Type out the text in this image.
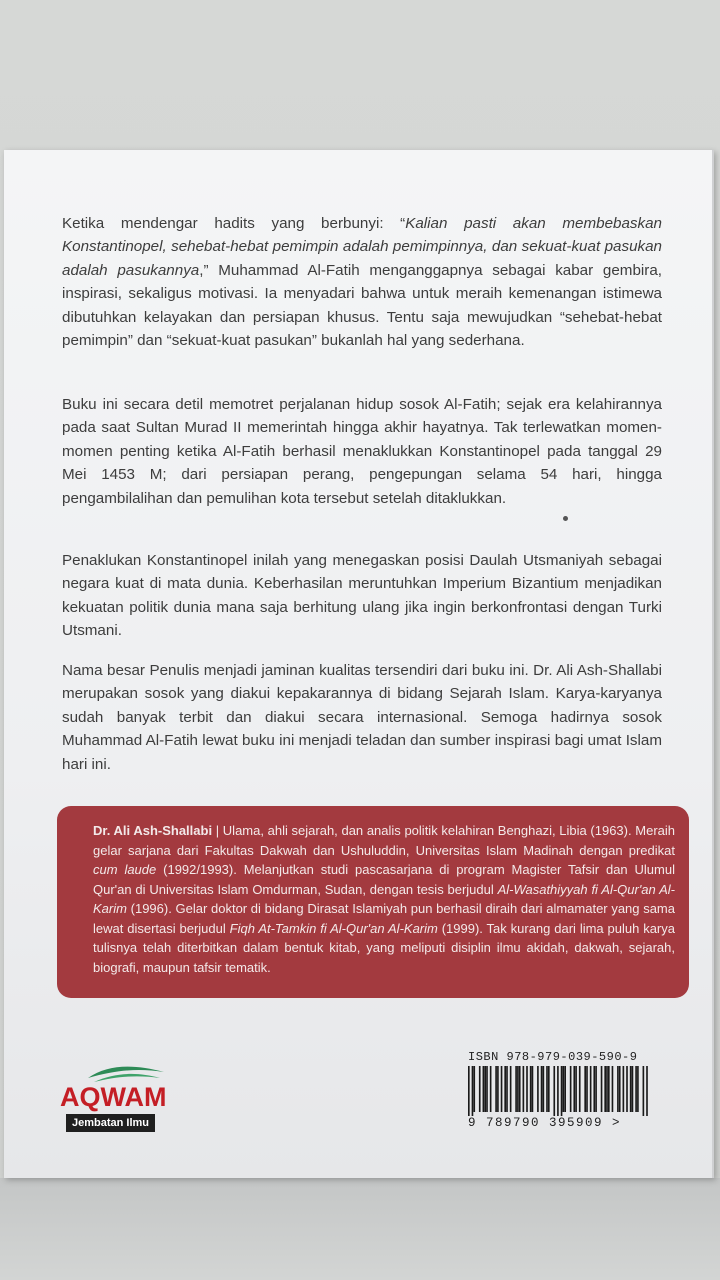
Ketika mendengar hadits yang berbunyi: “Kalian pasti akan membebaskan Konstantinopel, sehebat-hebat pemimpin adalah pemimpinnya, dan sekuat-kuat pasukan adalah pasukannya,” Muhammad Al-Fatih menganggapnya sebagai kabar gembira, inspirasi, sekaligus motivasi. Ia menyadari bahwa untuk meraih kemenangan istimewa dibutuhkan kelayakan dan persiapan khusus. Tentu saja mewujudkan “sehebat-hebat pemimpin” dan “sekuat-kuat pasukan” bukanlah hal yang sederhana.
Buku ini secara detil memotret perjalanan hidup sosok Al-Fatih; sejak era kelahirannya pada saat Sultan Murad II memerintah hingga akhir hayatnya. Tak terlewatkan momen-momen penting ketika Al-Fatih berhasil menaklukkan Konstantinopel pada tanggal 29 Mei 1453 M; dari persiapan perang, pengepungan selama 54 hari, hingga pengambilalihan dan pemulihan kota tersebut setelah ditaklukkan.
Penaklukan Konstantinopel inilah yang menegaskan posisi Daulah Utsmaniyah sebagai negara kuat di mata dunia. Keberhasilan meruntuhkan Imperium Bizantium menjadikan kekuatan politik dunia mana saja berhitung ulang jika ingin berkonfrontasi dengan Turki Utsmani.
Nama besar Penulis menjadi jaminan kualitas tersendiri dari buku ini. Dr. Ali Ash-Shallabi merupakan sosok yang diakui kepakarannya di bidang Sejarah Islam. Karya-karyanya sudah banyak terbit dan diakui secara internasional. Semoga hadirnya sosok Muhammad Al-Fatih lewat buku ini menjadi teladan dan sumber inspirasi bagi umat Islam hari ini.
Dr. Ali Ash-Shallabi | Ulama, ahli sejarah, dan analis politik kelahiran Benghazi, Libia (1963). Meraih gelar sarjana dari Fakultas Dakwah dan Ushuluddin, Universitas Islam Madinah dengan predikat cum laude (1992/1993). Melanjutkan studi pascasarjana di program Magister Tafsir dan Ulumul Qur'an di Universitas Islam Omdurman, Sudan, dengan tesis berjudul Al-Wasathiyyah fi Al-Qur'an Al-Karim (1996). Gelar doktor di bidang Dirasat Islamiyah pun berhasil diraih dari almamater yang sama lewat disertasi berjudul Fiqh At-Tamkin fi Al-Qur'an Al-Karim (1999). Tak kurang dari lima puluh karya tulisnya telah diterbitkan dalam bentuk kitab, yang meliputi disiplin ilmu akidah, dakwah, sejarah, biografi, maupun tafsir tematik.
AQWAM
Jembatan Ilmu
ISBN 978-979-039-590-9
9 789790 395909 >
